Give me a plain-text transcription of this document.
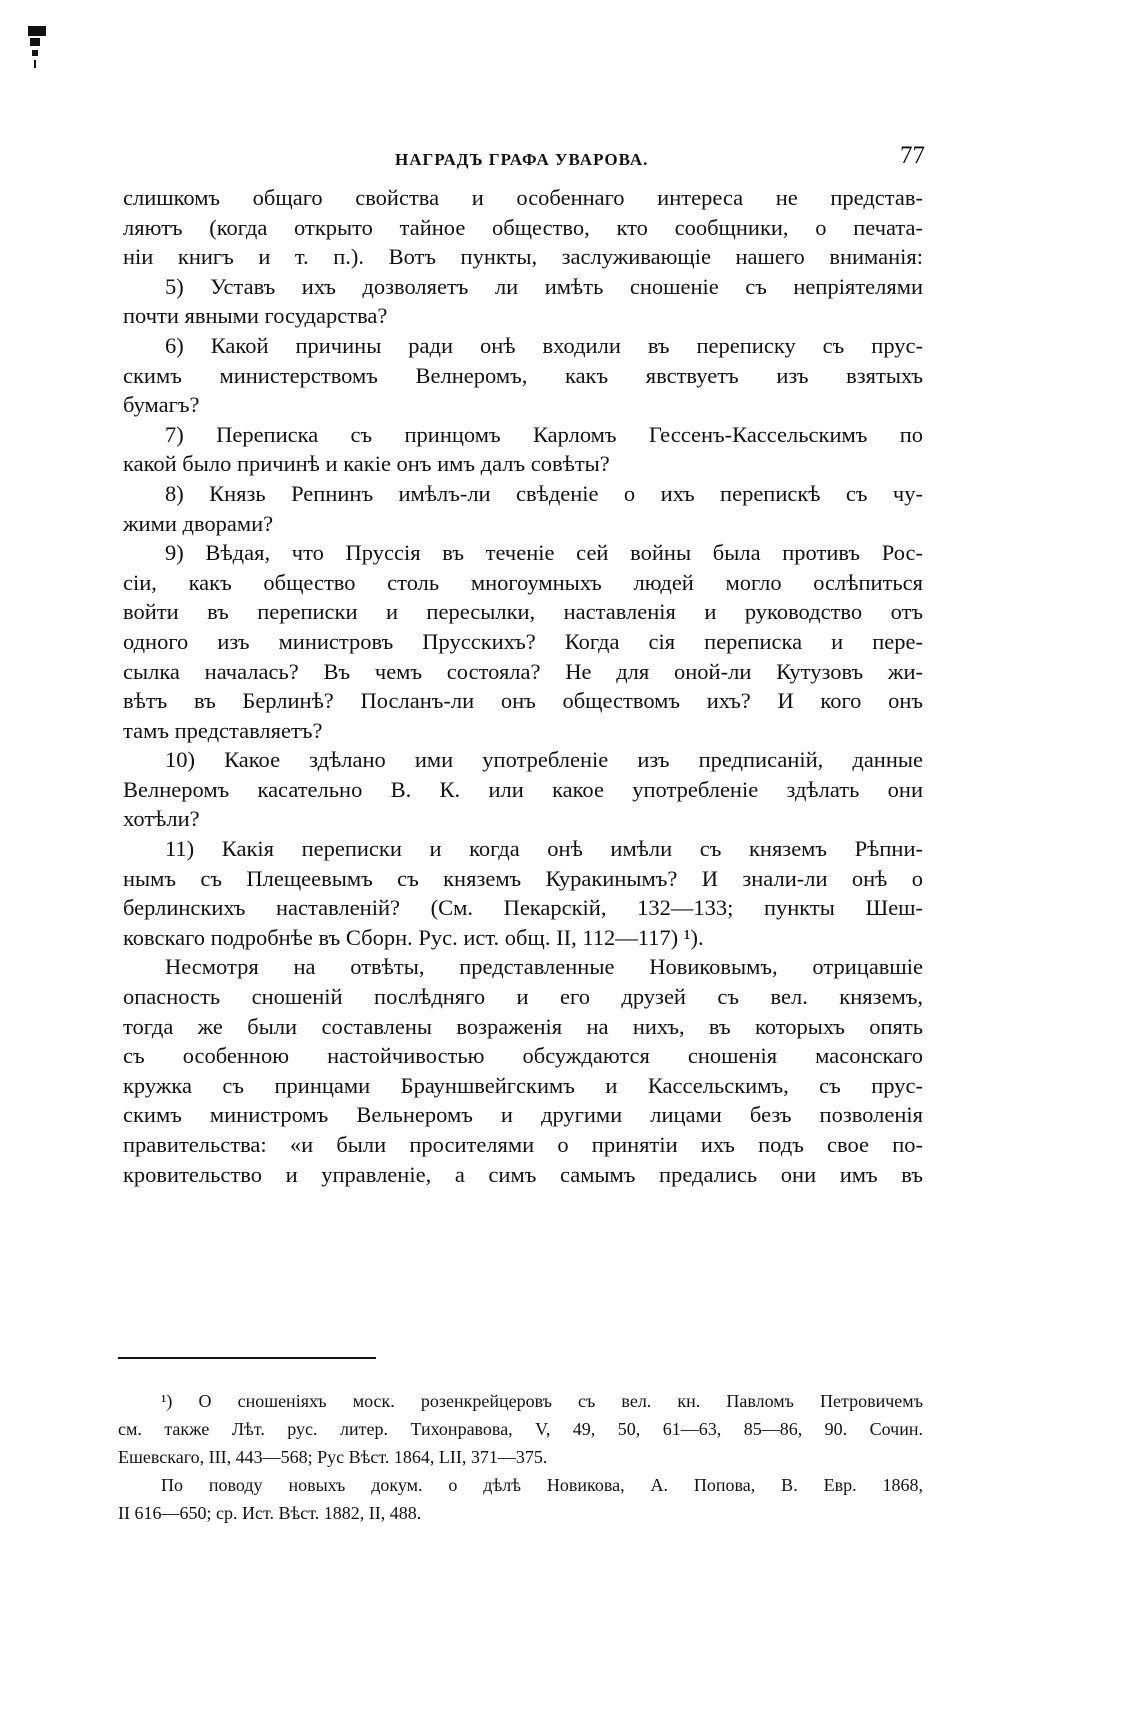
НАГРАДЪ ГРАФА УВАРОВА.	77
слишкомъ общаго свойства и особеннаго интереса не представ-
ляютъ (когда открыто тайное общество, кто сообщники, о печата-
ніи книгъ и т. п.). Вотъ пункты, заслуживающіе нашего вниманія:
5) Уставъ ихъ дозволяетъ ли имѣть сношеніе съ непріятелями
почти явными государства?
6) Какой причины ради онѣ входили въ переписку съ прус-
скимъ министерствомъ Велнеромъ, какъ явствуетъ изъ взятыхъ
бумагъ?
7) Переписка съ принцомъ Карломъ Гессенъ-Кассельскимъ по
какой было причинѣ и какіе онъ имъ далъ совѣты?
8) Князь Репнинъ имѣлъ-ли свѣденіе о ихъ перепискѣ съ чу-
жими дворами?
9) Вѣдая, что Пруссія въ теченіе сей войны была противъ Рос-
сіи, какъ общество столь многоумныхъ людей могло ослѣпиться
войти въ переписки и пересылки, наставленія и руководство отъ
одного изъ министровъ Прусскихъ? Когда сія переписка и пере-
сылка началась? Въ чемъ состояла? Не для оной-ли Кутузовъ жи-
вѣтъ въ Берлинѣ? Посланъ-ли онъ обществомъ ихъ? И кого онъ
тамъ представляетъ?
10) Какое здѣлано ими употребленіе изъ предписаній, данные
Велнеромъ касательно В. К. или какое употребленіе здѣлать они
хотѣли?
11) Какія переписки и когда онѣ имѣли съ княземъ Рѣпни-
нымъ съ Плещеевымъ съ княземъ Куракинымъ? И знали-ли онѣ о
берлинскихъ наставленій? (См. Пекарскій, 132—133; пункты Шеш-
ковскаго подробнѣе въ Сборн. Рус. ист. общ. II, 112—117) ¹).
Несмотря на отвѣты, представленные Новиковымъ, отрицавшіе
опасность сношеній послѣдняго и его друзей съ вел. княземъ,
тогда же были составлены возраженія на нихъ, въ которыхъ опять
съ особенною настойчивостью обсуждаются сношенія масонскаго
кружка съ принцами Брауншвейгскимъ и Кассельскимъ, съ прус-
скимъ министромъ Вельнеромъ и другими лицами безъ позволенія
правительства: «и были просителями о принятіи ихъ подъ свое по-
кровительство и управленіе, а симъ самымъ предались они имъ въ
¹) О сношеніяхъ моск. розенкрейцеровъ съ вел. кн. Павломъ Петровичемъ
см. также Лѣт. рус. литер. Тихонравова, V, 49, 50, 61—63, 85—86, 90. Сочин.
Ешевскаго, III, 443—568; Рус Вѣст. 1864, LII, 371—375.
По поводу новыхъ докум. о дѣлѣ Новикова, А. Попова, В. Евр. 1868,
II 616—650; ср. Ист. Вѣст. 1882, II, 488.
